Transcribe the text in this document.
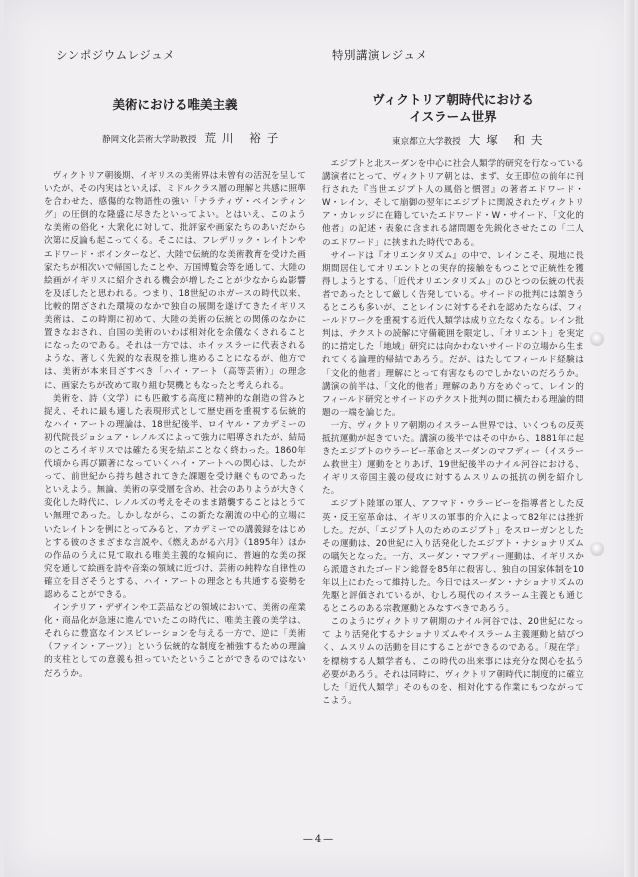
シンポジウムレジュメ
美術における唯美主義
静岡文化芸術大学助教授 荒川 裕子

ヴィクトリア朝後期、イギリスの美術界は未曾有の活況を呈していたが、その内実はといえば、ミドルクラス層の理解と共感に照準を合わせた、感傷的な物語性の強い「ナラティヴ・ペインティング」の圧倒的な隆盛に尽きたといってよい。とはいえ、このような美術の俗化・大衆化に対して、批評家や画家たちのあいだから次第に反論も起こってくる。そこには、フレデリック・レイトンやエドワード・ポインターなど、大陸で伝統的な美術教育を受けた画家たちが相次いで帰国したことや、万国博覧会等を通して、大陸の絵画がイギリスに紹介される機会が増したことが少なからぬ影響を及ぼしたと思われる。つまり、18世紀のホガースの時代以来、比較的閉ざされた環境のなかで独自の展開を遂げてきたイギリス美術は、この時期に初めて、大陸の美術の伝統との関係のなかに置きなおされ、自国の美術のいわば相対化を余儀なくされることになったのである。それは一方では、ホイッスラーに代表されるような、著しく先鋭的な表現を推し進めることになるが、他方では、美術が本来目ざすべき「ハイ・アート（高等芸術）」の理念に、画家たちが改めて取り組む契機ともなったと考えられる。

美術を、詩（文学）にも匹敵する高度に精神的な創造の営みと捉え、それに最も適した表現形式として歴史画を重視する伝統的なハイ・アートの理論は、18世紀後半、ロイヤル・アカデミーの初代院長ジョシュア・レノルズによって強力に唱導されたが、結局のところイギリスでは確たる実を結ぶことなく終わった。1860年代頃から再び顕著になっていくハイ・アートへの関心は、したがって、前世紀から持ち越されてきた課題を受け継ぐものであったといえよう。無論、美術の享受層を含め、社会のありようが大きく変化した時代に、レノルズの考えをそのまま踏襲することはとうてい無理であった。しかしながら、この新たな潮流の中心的立場にいたレイトンを例にとってみると、アカデミーでの講義録をはじめとする彼のさまざまな言説や、《燃えあがる六月》（1895年）ほかの作品のうえに見て取れる唯美主義的な傾向に、普遍的な美の探究を通して絵画を詩や音楽の領域に近づけ、芸術の純粋な自律性の確立を目ざそうとする、ハイ・アートの理念とも共通する姿勢を認めることができる。

インテリア・デザインや工芸品などの領域において、美術の産業化・商品化が急速に進んでいたこの時代に、唯美主義の美学は、それらに豊富なインスピレーションを与える一方で、逆に「美術（ファイン・アーツ）」という伝統的な制度を補強するための理論的支柱としての意義も担っていたということができるのではないだろうか。

特別講演レジュメ
ヴィクトリア朝時代における
イスラーム世界
東京都立大学教授 大塚 和夫

エジプトと北スーダンを中心に社会人類学的研究を行なっている講演者にとって、ヴィクトリア朝とは、まず、女王即位の前年に刊行された『当世エジプト人の風俗と慣習』の著者エドワード・W・レイン、そして崩御の翌年にエジプトに関説されたヴィクトリア・カレッジに在籍していたエドワード・W・サイード、「文化的他者」の記述・表象に含まれる諸問題を先鋭化させたこの「二人のエドワード」に挟まれた時代である。

サイードは『オリエンタリズム』の中で、レインこそ、現地に長期間居住してオリエントとの実存的接触をもつことで正統性を獲得しようとする、「近代オリエンタリズム」のひとつの伝統の代表者であったとして厳しく告発している。サイードの批判には頷きうるところも多いが、ことレインに対するそれを認めたならば、フィールドワークを重視する近代人類学は成り立たなくなる。レイン批判は、テクストの読解に守備範囲を限定し、「オリエント」を実定的に措定した「地域」研究には向かわないサイードの立場から生まれてくる論理的帰結であろう。だが、はたしてフィールド経験は「文化的他者」理解にとって有害なものでしかないのだろうか。講演の前半は、「文化的他者」理解のあり方をめぐって、レイン的フィールド研究とサイードのテクスト批判の間に横たわる理論的問題の一端を論じた。

一方、ヴィクトリア朝期のイスラーム世界では、いくつもの反英抵抗運動が起きていた。講演の後半ではその中から、1881年に起きたエジプトのウラービー革命とスーダンのマフディー（イスラーム救世主）運動をとりあげ、19世紀後半のナイル河谷における、イギリス帝国主義の侵攻に対するムスリムの抵抗の例を紹介した。

エジプト陸軍の軍人、アフマド・ウラービーを指導者とした反英・反王室革命は、イギリスの軍事的介入によって82年には挫折した。だが、「エジプト人のためのエジプト」をスローガンとしたその運動は、20世紀に入り活発化したエジプト・ナショナリズムの嚆矢となった。一方、スーダン・マフディー運動は、イギリスから派遣されたゴードン総督を85年に殺害し、独自の国家体制を10年以上にわたって維持した。今日ではスーダン・ナショナリズムの先駆と評価されているが、むしろ現代のイスラーム主義とも通じるところのある宗教運動とみなすべきであろう。

このようにヴィクトリア朝期のナイル河谷では、20世紀になって より活発化するナショナリズムやイスラーム主義運動と結びつく、ムスリムの活動を目にすることができるのである。「現在学」を標榜する人類学者も、この時代の出来事には充分な関心を払う必要があろう。それは同時に、ヴィクトリア朝時代に制度的に確立した「近代人類学」そのものを、相対化する作業にもつながってこよう。

—4—
